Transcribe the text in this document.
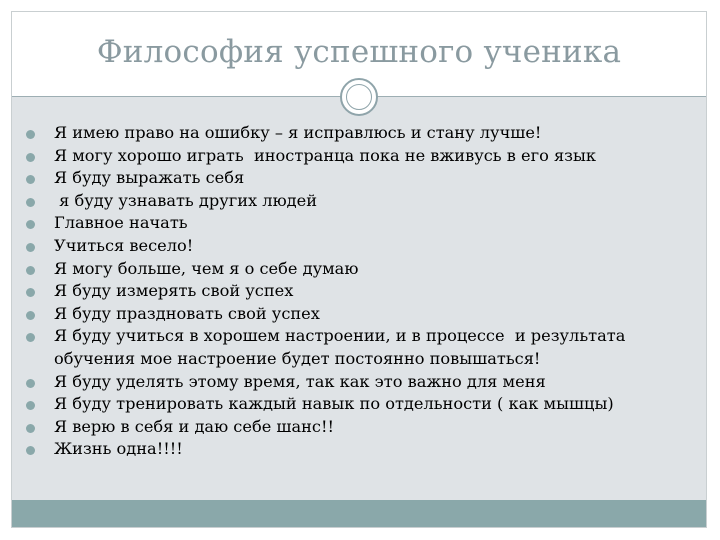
Философия успешного ученика
Я имею право на ошибку – я исправлюсь и стану лучше!
Я могу хорошо играть  иностранца пока не вживусь в его язык
Я буду выражать себя
я буду узнавать других людей
Главное начать
Учиться весело!
Я могу больше, чем я о себе думаю
Я буду измерять свой успех
Я буду праздновать свой успех
Я буду учиться в хорошем настроении, и в процессе  и результата
обучения мое настроение будет постоянно повышаться!
Я буду уделять этому время, так как это важно для меня
Я буду тренировать каждый навык по отдельности ( как мышцы)
Я верю в себя и даю себе шанс!!
Жизнь одна!!!!
